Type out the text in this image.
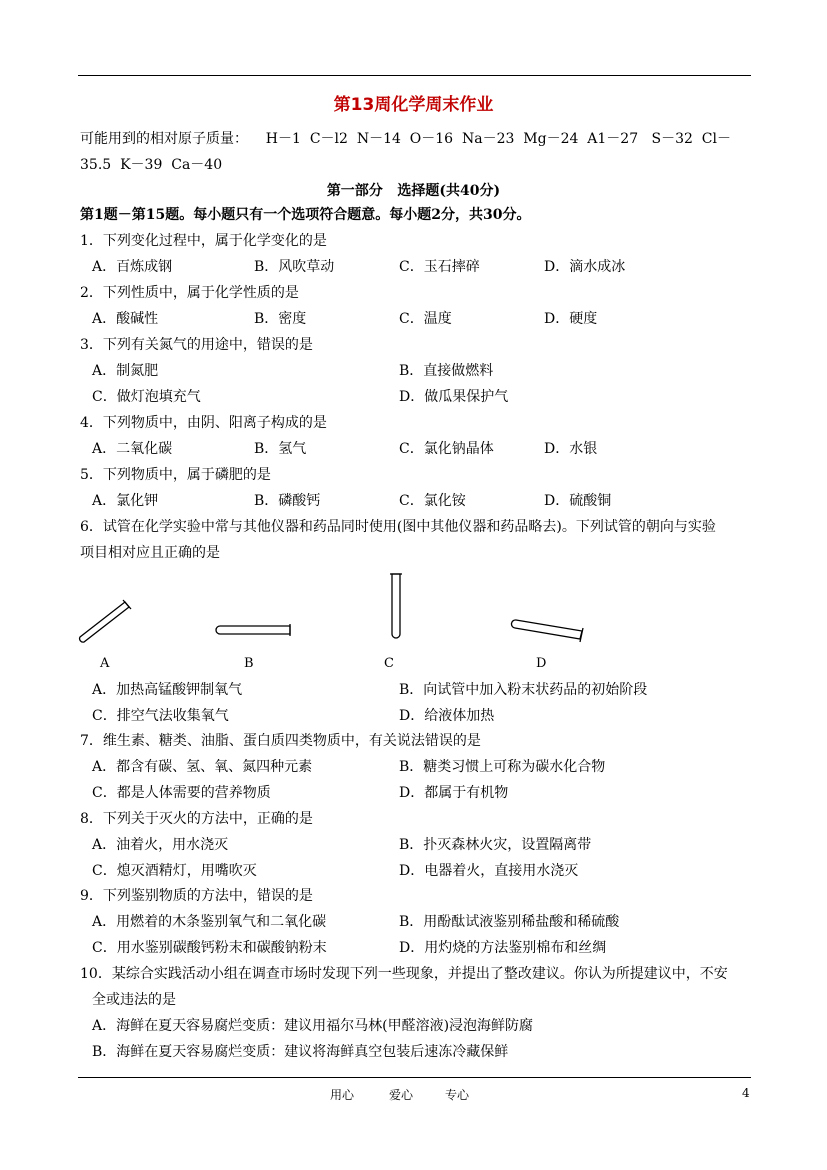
第13周化学周末作业
可能用到的相对原子质量：    H－1  C－l2  N－14  O－16  Na－23  Mg－24  A1－27   S－32  Cl－
35.5  K－39  Ca－40
第一部分   选择题(共40分)
第1题－第15题。每小题只有一个选项符合题意。每小题2分，共30分。
1．下列变化过程中，属于化学变化的是
A．百炼成钢	B．风吹草动	C．玉石摔碎	D．滴水成冰
2．下列性质中，属于化学性质的是
A．酸碱性	B．密度	C．温度	D．硬度
3．下列有关氮气的用途中，错误的是
A．制氮肥	B．直接做燃料
C．做灯泡填充气	D．做瓜果保护气
4．下列物质中，由阴、阳离子构成的是
A．二氧化碳	B．氢气	C．氯化钠晶体	D．水银
5．下列物质中，属于磷肥的是
A．氯化钾	B．磷酸钙	C．氯化铵	D．硫酸铜
6．试管在化学实验中常与其他仪器和药品同时使用(图中其他仪器和药品略去)。下列试管的朝向与实验
项目相对应且正确的是
A	B	C	D
A．加热高锰酸钾制氧气	B．向试管中加入粉末状药品的初始阶段
C．排空气法收集氧气	D．给液体加热
7．维生素、糖类、油脂、蛋白质四类物质中，有关说法错误的是
A．都含有碳、氢、氧、氮四种元素	B．糖类习惯上可称为碳水化合物
C．都是人体需要的营养物质	D．都属于有机物
8．下列关于灭火的方法中，正确的是
A．油着火，用水浇灭	B．扑灭森林火灾，设置隔离带
C．熄灭酒精灯，用嘴吹灭	D．电器着火，直接用水浇灭
9．下列鉴别物质的方法中，错误的是
A．用燃着的木条鉴别氧气和二氧化碳	B．用酚酞试液鉴别稀盐酸和稀硫酸
C．用水鉴别碳酸钙粉末和碳酸钠粉末	D．用灼烧的方法鉴别棉布和丝绸
10．某综合实践活动小组在调查市场时发现下列一些现象，并提出了整改建议。你认为所提建议中，不安
全或违法的是
A．海鲜在夏天容易腐烂变质：建议用福尔马林(甲醛溶液)浸泡海鲜防腐
B．海鲜在夏天容易腐烂变质：建议将海鲜真空包装后速冻冷藏保鲜
用心	爱心	专心	4
